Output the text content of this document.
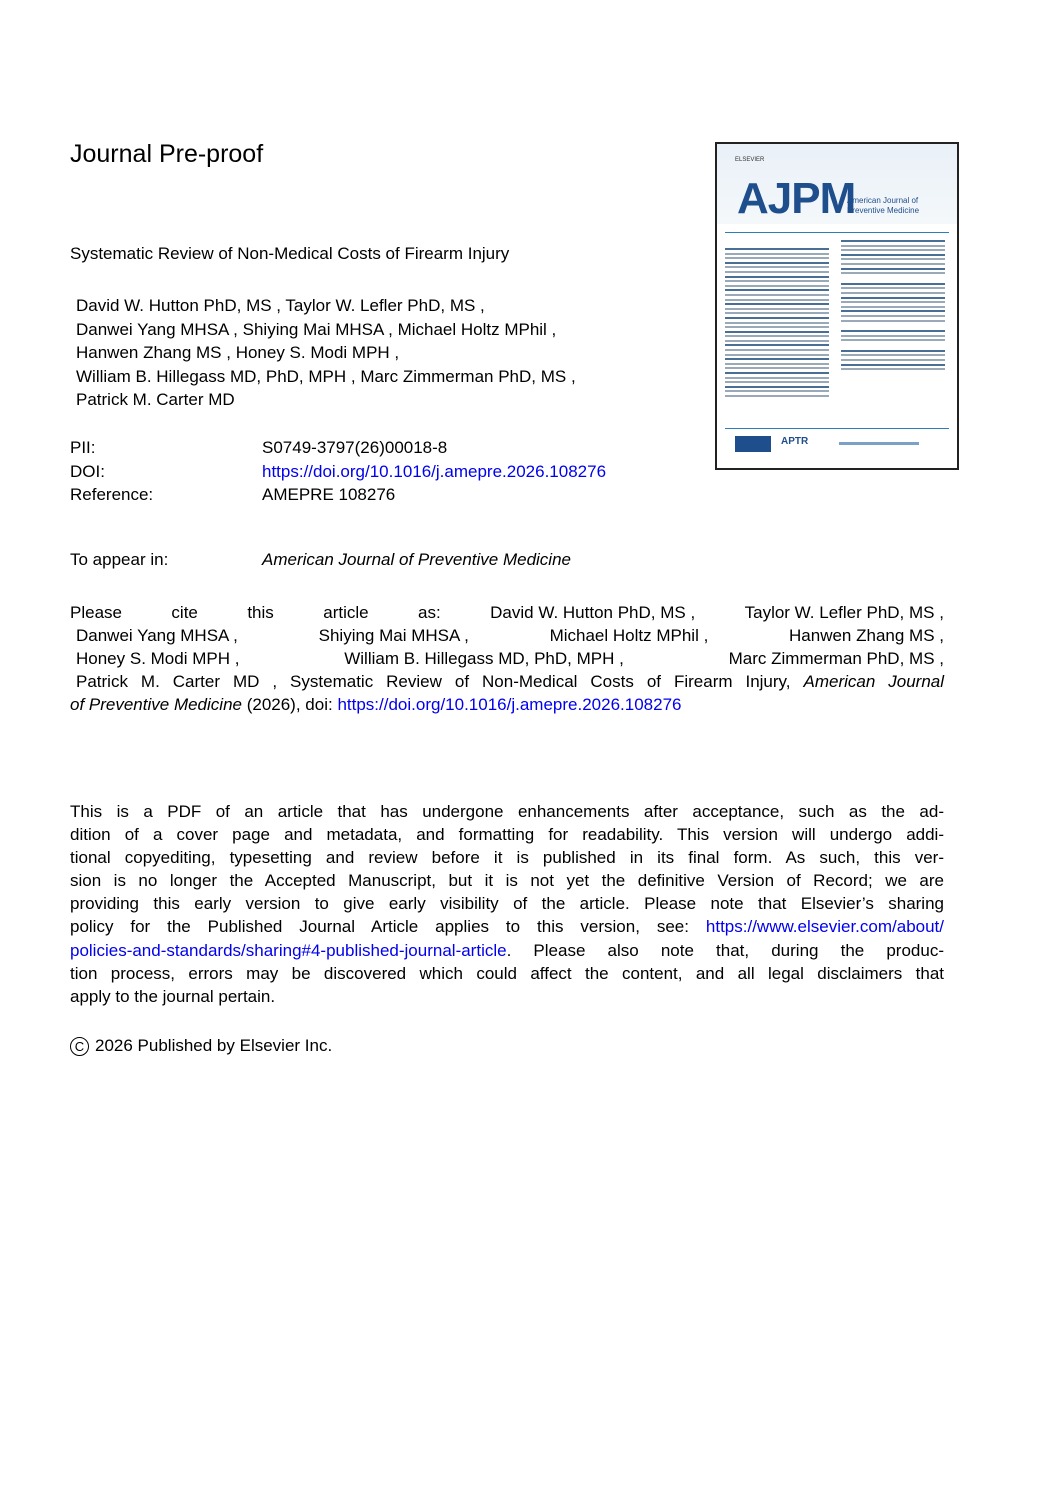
Journal Pre-proof
Systematic Review of Non-Medical Costs of Firearm Injury
David W. Hutton PhD, MS , Taylor W. Lefler PhD, MS ,
Danwei Yang MHSA , Shiying Mai MHSA , Michael Holtz MPhil ,
Hanwen Zhang MS , Honey S. Modi MPH ,
William B. Hillegass MD, PhD, MPH , Marc Zimmerman PhD, MS ,
Patrick M. Carter MD
PII:	S0749-3797(26)00018-8
DOI:	https://doi.org/10.1016/j.amepre.2026.108276
Reference:	AMEPRE 108276
To appear in:	American Journal of Preventive Medicine
Please	cite	this	article	as:	David W. Hutton PhD, MS ,	Taylor W. Lefler PhD, MS ,
Danwei Yang MHSA ,	Shiying Mai MHSA ,	Michael Holtz MPhil ,	Hanwen Zhang MS ,
Honey S. Modi MPH ,	William B. Hillegass MD, PhD, MPH ,	Marc Zimmerman PhD, MS ,
Patrick M. Carter MD , Systematic Review of Non-Medical Costs of Firearm Injury, American Journal
of Preventive Medicine (2026), doi: https://doi.org/10.1016/j.amepre.2026.108276
This is a PDF of an article that has undergone enhancements after acceptance, such as the ad-
dition of a cover page and metadata, and formatting for readability. This version will undergo addi-
tional copyediting, typesetting and review before it is published in its final form. As such, this ver-
sion is no longer the Accepted Manuscript, but it is not yet the definitive Version of Record; we are
providing this early version to give early visibility of the article. Please note that Elsevier’s sharing
policy for the Published Journal Article applies to this version, see: https://www.elsevier.com/about/
policies-and-standards/sharing#4-published-journal-article. Please also note that, during the produc-
tion process, errors may be discovered which could affect the content, and all legal disclaimers that
apply to the journal pertain.
C 2026 Published by Elsevier Inc.
ELSEVIER
AJPM
American Journal of
Preventive Medicine
APTR
